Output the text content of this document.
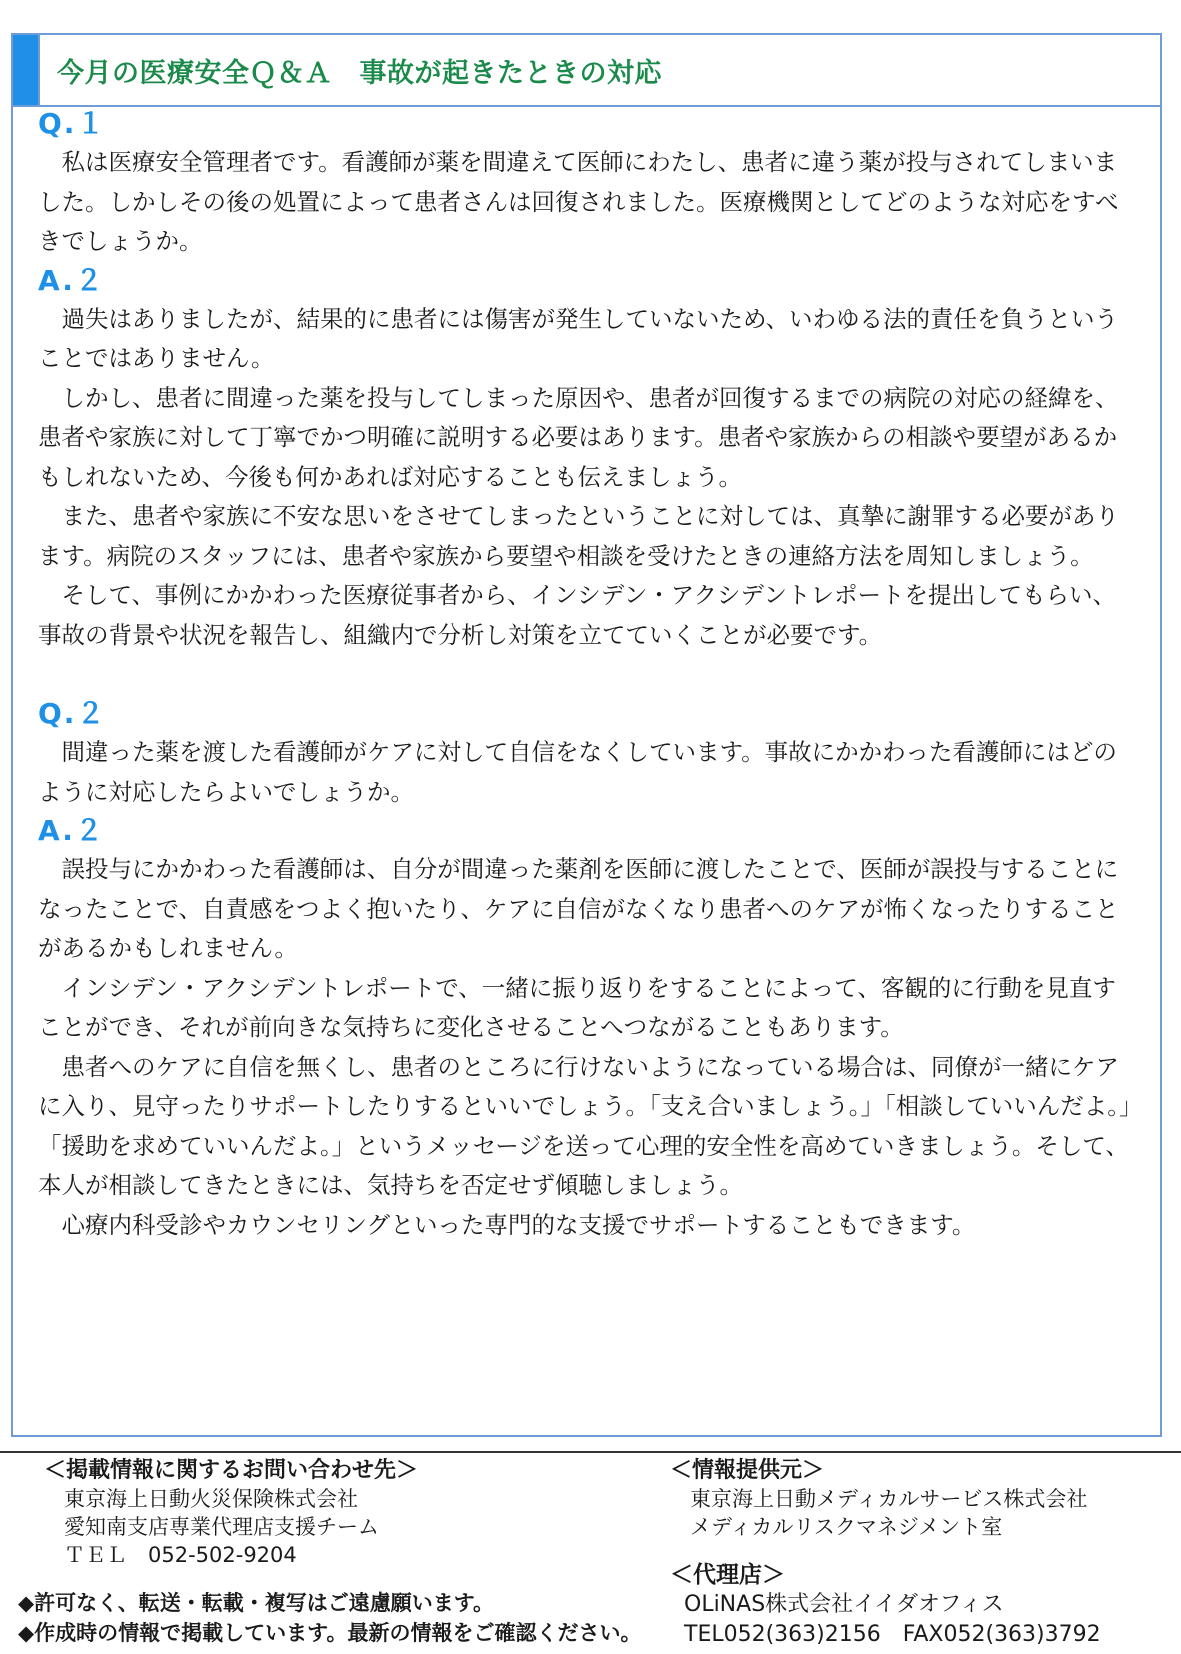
今月の医療安全Ｑ＆Ａ　事故が起きたときの対応
Q.１

　私は医療安全管理者です。看護師が薬を間違えて医師にわたし、患者に違う薬が投与されてしまいました。しかしその後の処置によって患者さんは回復されました。医療機関としてどのような対応をすべきでしょうか。

A.２

　過失はありましたが、結果的に患者には傷害が発生していないため、いわゆる法的責任を負うということではありません。

　しかし、患者に間違った薬を投与してしまった原因や、患者が回復するまでの病院の対応の経緯を、患者や家族に対して丁寧でかつ明確に説明する必要はあります。患者や家族からの相談や要望があるかもしれないため、今後も何かあれば対応することも伝えましょう。

　また、患者や家族に不安な思いをさせてしまったということに対しては、真摯に謝罪する必要があります。病院のスタッフには、患者や家族から要望や相談を受けたときの連絡方法を周知しましょう。

　そして、事例にかかわった医療従事者から、インシデン・アクシデントレポートを提出してもらい、事故の背景や状況を報告し、組織内で分析し対策を立てていくことが必要です。

Q.２

　間違った薬を渡した看護師がケアに対して自信をなくしています。事故にかかわった看護師にはどのように対応したらよいでしょうか。

A.２

　誤投与にかかわった看護師は、自分が間違った薬剤を医師に渡したことで、医師が誤投与することになったことで、自責感をつよく抱いたり、ケアに自信がなくなり患者へのケアが怖くなったりすることがあるかもしれません。

　インシデン・アクシデントレポートで、一緒に振り返りをすることによって、客観的に行動を見直すことができ、それが前向きな気持ちに変化させることへつながることもあります。

　患者へのケアに自信を無くし、患者のところに行けないようになっている場合は、同僚が一緒にケアに入り、見守ったりサポートしたりするといいでしょう。「支え合いましょう。」「相談していいんだよ。」「援助を求めていいんだよ。」というメッセージを送って心理的安全性を高めていきましょう。そして、本人が相談してきたときには、気持ちを否定せず傾聴しましょう。

　心療内科受診やカウンセリングといった専門的な支援でサポートすることもできます。

＜掲載情報に関するお問い合わせ先＞
東京海上日動火災保険株式会社
愛知南支店専業代理店支援チーム
ＴＥＬ　052-502-9204
＜情報提供元＞
東京海上日動メディカルサービス株式会社
メディカルリスクマネジメント室
＜代理店＞
OLiNAS株式会社イイダオフィス
TEL052(363)2156　FAX052(363)3792
◆許可なく、転送・転載・複写はご遠慮願います。
◆作成時の情報で掲載しています。最新の情報をご確認ください。
